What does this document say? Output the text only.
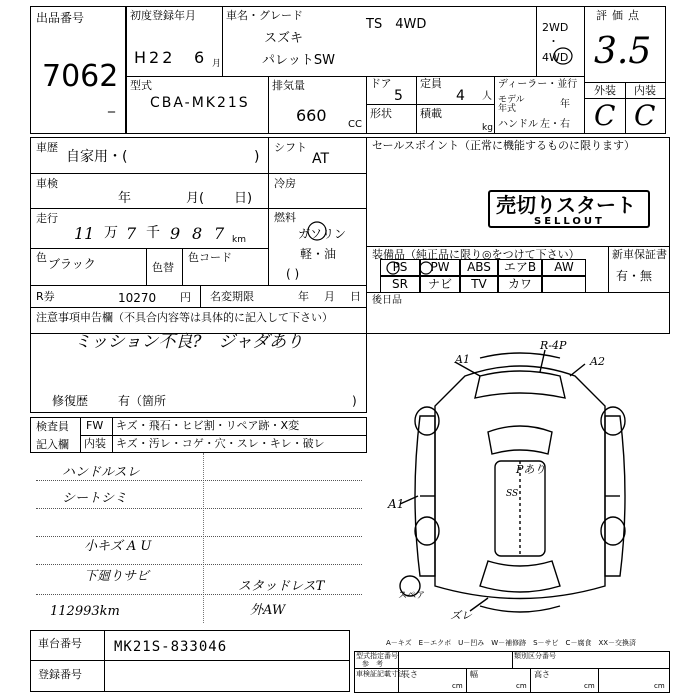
出品番号
7062
_
初度登録年月
H22 6 月
車名・グレード
スズキ
パレットSW
TS　4WD	2WD
・
4WD
評価点
3.5
外装 内装
C C
型式
CBA-MK21S
排気量
660 CC
ドア
5
定員
4 人
形状	積載
kg
ディーラー・並行
モデル 年式	年
ハンドル 左・右
車歴
自家用・(	)
シフト
AT
セールスポイント（正常に機能するものに限ります）
車検
年	月( 日)
冷房
走行
11 万 7 千 9 8 7 km
燃料
ガソリン
軽・油
( )
売切りスタート
SELLOUT
色 ブラック	色替
色コード	装備品（純正品に限り◎をつけて下さい）	新車保証書
有・無
PS	PW	ABS	エアB	AW
SR	ナビ	TV	カワ
R券	10270 円 名変期限	年 月 日 後日品
注意事項申告欄（不具合内容等は具体的に記入して下さい）
ミッション不良?　ジャダあり
修復歴 有（箇所	)
検査員
記入欄
FW キズ・飛石・ヒビ割・リペア跡・X変
内装 キズ・汚レ・コゲ・穴・スレ・キレ・破レ
ハンドルスレ
シートシミ
小キズ A U
下廻りサビ
スタッドレスT
外AW
112993km
A1
R-4P
A2
Pあり
SS
A1
スペア
ズレ
A－キズ　E－エクボ　U－凹み　W－補修跡　S－サビ　C－腐食　XX－交換済
車台番号 MK21S-833046
登録番号
型式指定番号
参　考
類別区分番号
車検証記載寸法
長さ	幅	高さ
cm	cm	cm	cm
